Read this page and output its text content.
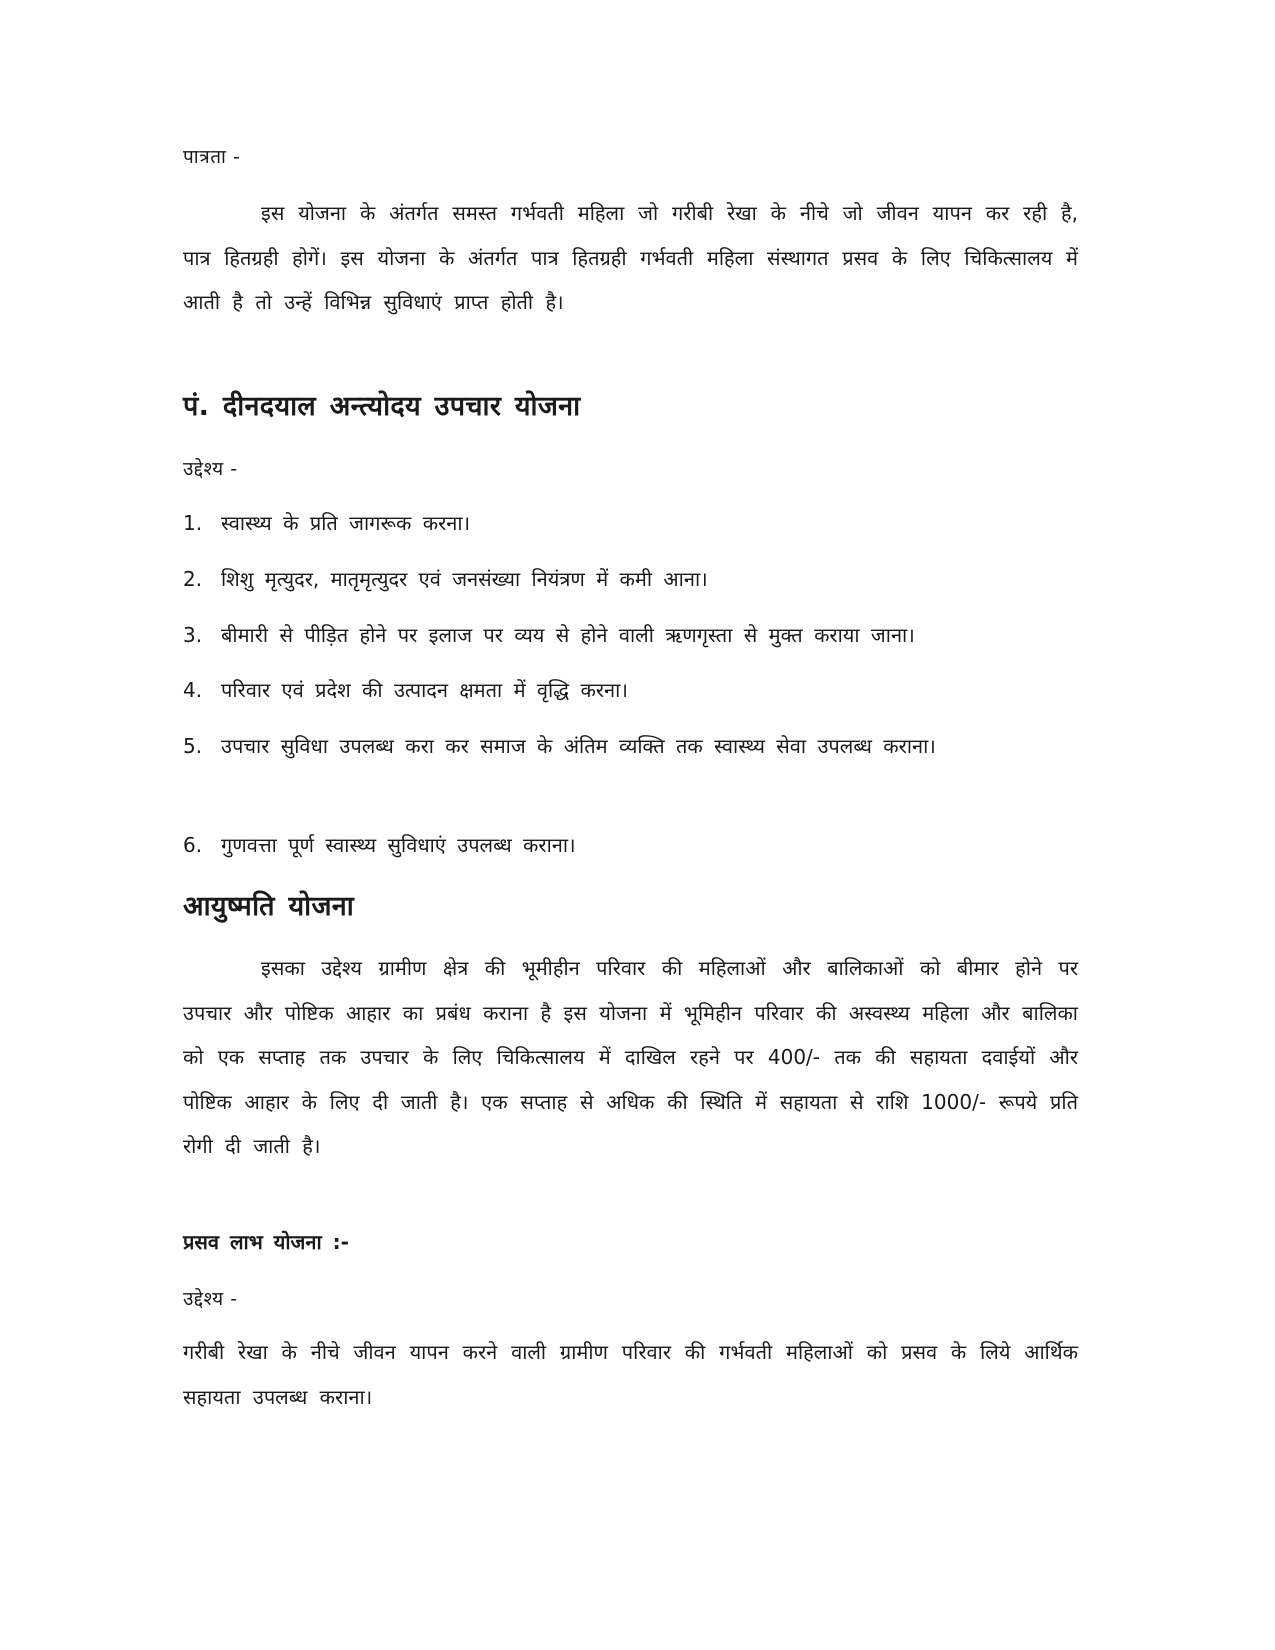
पात्रता -
इस योजना के अंतर्गत समस्त गर्भवती महिला जो गरीबी रेखा के नीचे जो जीवन यापन कर रही है, पात्र हितग्रही होगें। इस योजना के अंतर्गत पात्र हितग्रही गर्भवती महिला संस्थागत प्रसव के लिए चिकित्सालय में आती है तो उन्हें विभिन्न सुविधाएं प्राप्त होती है।
पं. दीनदयाल अन्त्योदय उपचार योजना
उद्देश्य -
1. स्वास्थ्य के प्रति जागरूक करना।
2. शिशु मृत्युदर, मातृमृत्युदर एवं जनसंख्या नियंत्रण में कमी आना।
3. बीमारी से पीड़ित होने पर इलाज पर व्यय से होने वाली ऋणगृस्ता से मुक्त कराया जाना।
4. परिवार एवं प्रदेश की उत्पादन क्षमता में वृद्धि करना।
5. उपचार सुविधा उपलब्ध करा कर समाज के अंतिम व्यक्ति तक स्वास्थ्य सेवा उपलब्ध कराना।
6. गुणवत्ता पूर्ण स्वास्थ्य सुविधाएं उपलब्ध कराना।
आयुष्मति योजना
इसका उद्देश्य ग्रामीण क्षेत्र की भूमीहीन परिवार की महिलाओं और बालिकाओं को बीमार होने पर उपचार और पोष्टिक आहार का प्रबंध कराना है इस योजना में भूमिहीन परिवार की अस्वस्थ्य महिला और बालिका को एक सप्ताह तक उपचार के लिए चिकित्सालय में दाखिल रहने पर 400/- तक की सहायता दवाईयों और पोष्टिक आहार के लिए दी जाती है। एक सप्ताह से अधिक की स्थिति में सहायता से राशि 1000/- रूपये प्रति रोगी दी जाती है।
प्रसव लाभ योजना :-
उद्देश्य -
गरीबी रेखा के नीचे जीवन यापन करने वाली ग्रामीण परिवार की गर्भवती महिलाओं को प्रसव के लिये आर्थिक सहायता उपलब्ध कराना।
